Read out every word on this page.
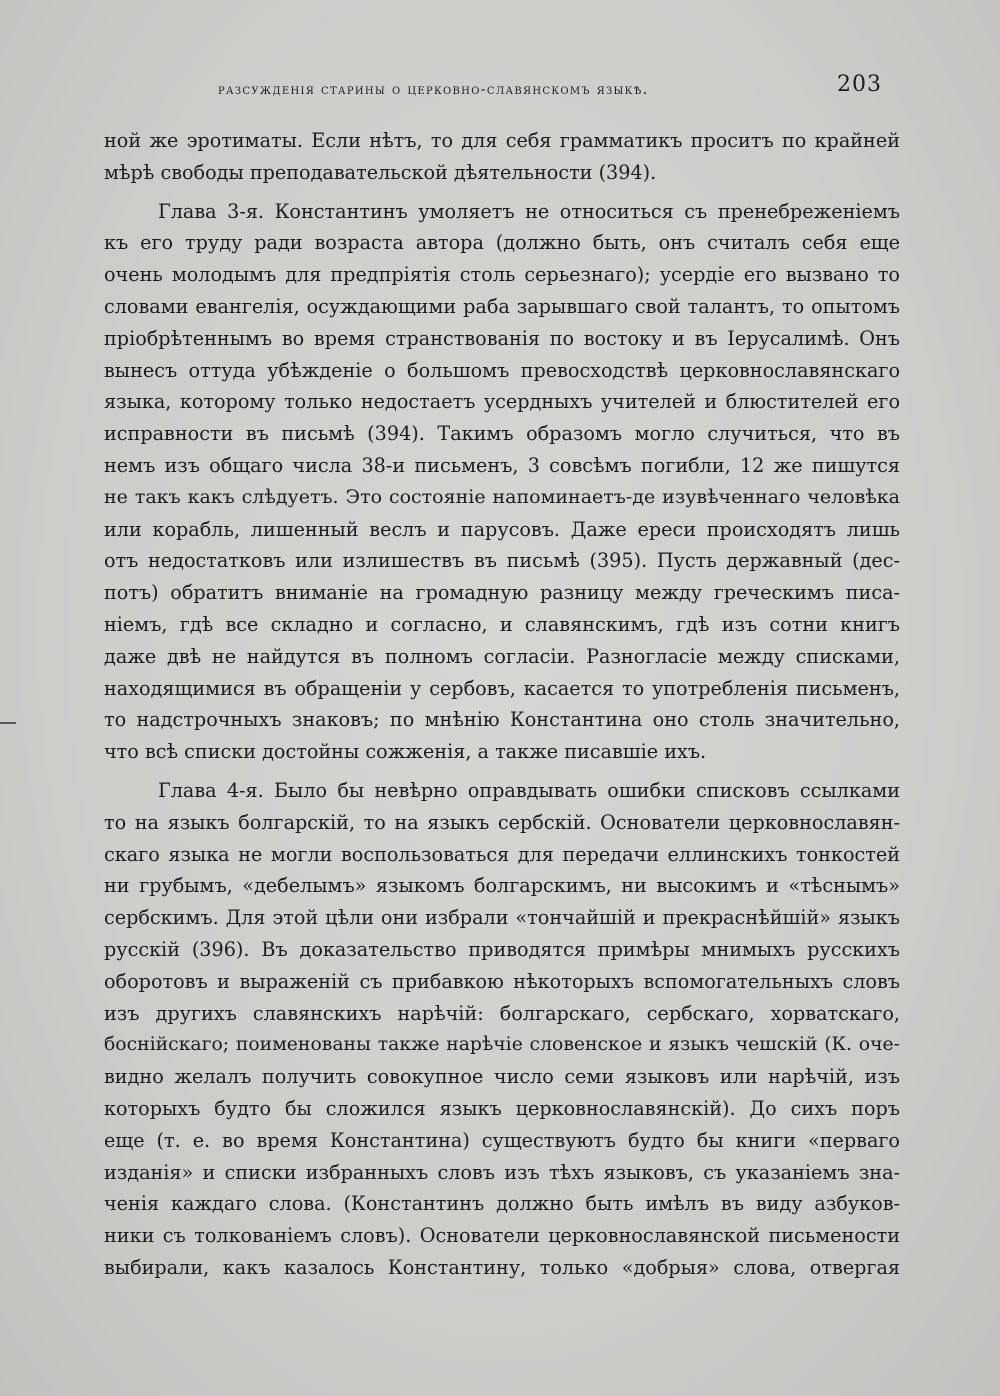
разсужденія старины о церковно-славянскомъ языкѣ.	203
ной же эротиматы. Если нѣтъ, то для себя грамматикъ проситъ по крайней
мѣрѣ свободы преподавательской дѣятельности (394).
Глава 3-я. Константинъ умоляетъ не относиться съ пренебреженіемъ
къ его труду ради возраста автора (должно быть, онъ считалъ себя еще
очень молодымъ для предпріятія столь серьезнаго); усердіе его вызвано то
словами евангелія, осуждающими раба зарывшаго свой талантъ, то опытомъ
пріобрѣтеннымъ во время странствованія по востоку и въ Іерусалимѣ. Онъ
вынесъ оттуда убѣжденіе о большомъ превосходствѣ церковнославянскаго
языка, которому только недостаетъ усердныхъ учителей и блюстителей его
исправности въ письмѣ (394). Такимъ образомъ могло случиться, что въ
немъ изъ общаго числа 38-и письменъ, 3 совсѣмъ погибли, 12 же пишутся
не такъ какъ слѣдуетъ. Это состояніе напоминаетъ-де изувѣченнаго человѣка
или корабль, лишенный веслъ и парусовъ. Даже ереси происходятъ лишь
отъ недостатковъ или излишествъ въ письмѣ (395). Пусть державный (дес-
потъ) обратитъ вниманіе на громадную разницу между греческимъ писа-
ніемъ, гдѣ все складно и согласно, и славянскимъ, гдѣ изъ сотни книгъ
даже двѣ не найдутся въ полномъ согласіи. Разногласіе между списками,
находящимися въ обращеніи у сербовъ, касается то употребленія письменъ,
то надстрочныхъ знаковъ; по мнѣнію Константина оно столь значительно,
что всѣ списки достойны сожженія, а также писавшіе ихъ.
Глава 4-я. Было бы невѣрно оправдывать ошибки списковъ ссылками
то на языкъ болгарскій, то на языкъ сербскій. Основатели церковнославян-
скаго языка не могли воспользоваться для передачи еллинскихъ тонкостей
ни грубымъ, «дебелымъ» языкомъ болгарскимъ, ни высокимъ и «тѣснымъ»
сербскимъ. Для этой цѣли они избрали «тончайшій и прекраснѣйшій» языкъ
русскій (396). Въ доказательство приводятся примѣры мнимыхъ русскихъ
оборотовъ и выраженій съ прибавкою нѣкоторыхъ вспомогательныхъ словъ
изъ другихъ славянскихъ нарѣчій: болгарскаго, сербскаго, хорватскаго,
боснійскаго; поименованы также нарѣчіе словенское и языкъ чешскій (К. оче-
видно желалъ получить совокупное число семи языковъ или нарѣчій, изъ
которыхъ будто бы сложился языкъ церковнославянскій). До сихъ поръ
еще (т. е. во время Константина) существуютъ будто бы книги «перваго
изданія» и списки избранныхъ словъ изъ тѣхъ языковъ, съ указаніемъ зна-
ченія каждаго слова. (Константинъ должно быть имѣлъ въ виду азбуков-
ники съ толкованіемъ словъ). Основатели церковнославянской письмености
выбирали, какъ казалось Константину, только «добрыя» слова, отвергая
